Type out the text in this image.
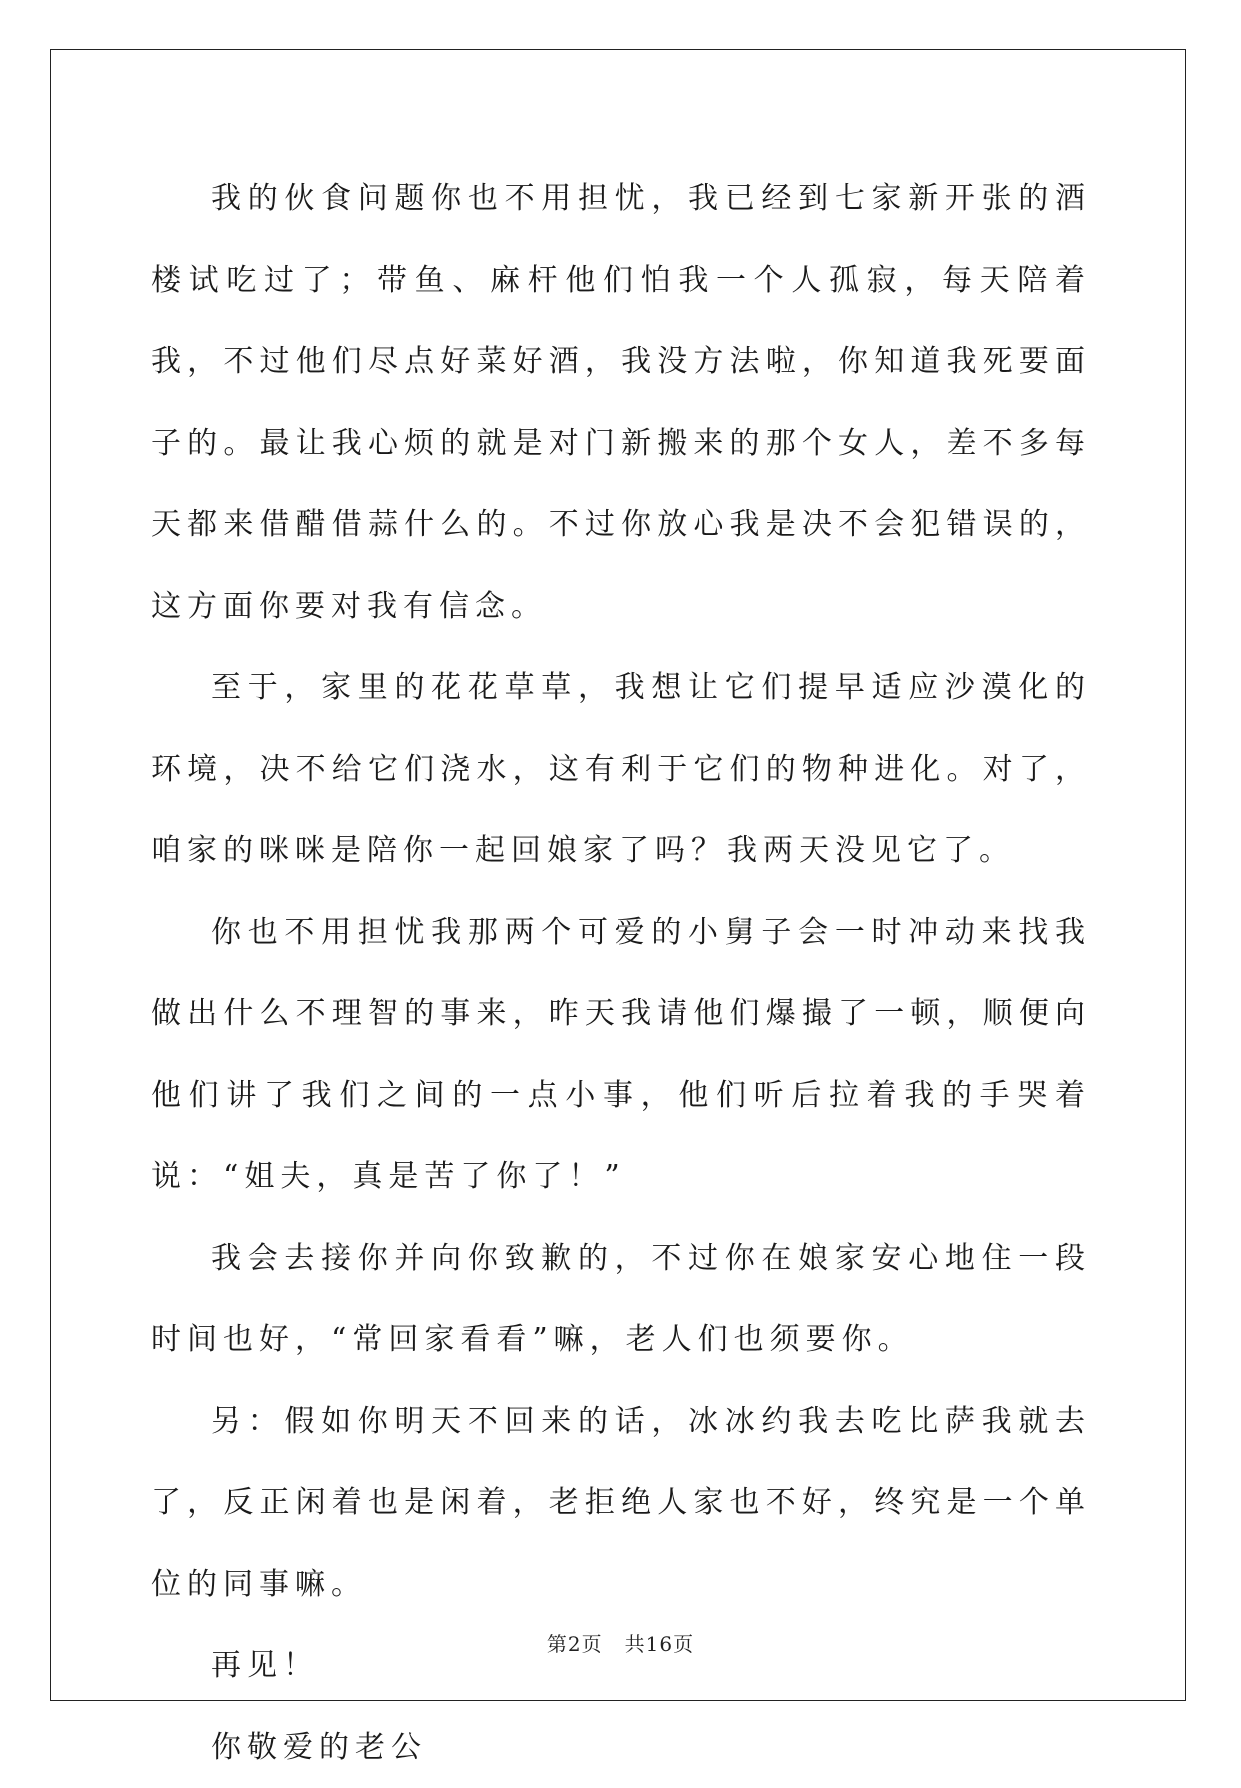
我的伙食问题你也不用担忧，我已经到七家新开张的酒楼试吃过了；带鱼、麻杆他们怕我一个人孤寂，每天陪着我，不过他们尽点好菜好酒，我没方法啦，你知道我死要面子的。最让我心烦的就是对门新搬来的那个女人，差不多每天都来借醋借蒜什么的。不过你放心我是决不会犯错误的，这方面你要对我有信念。

至于，家里的花花草草，我想让它们提早适应沙漠化的环境，决不给它们浇水，这有利于它们的物种进化。对了，咱家的咪咪是陪你一起回娘家了吗？我两天没见它了。

你也不用担忧我那两个可爱的小舅子会一时冲动来找我做出什么不理智的事来，昨天我请他们爆撮了一顿，顺便向他们讲了我们之间的一点小事，他们听后拉着我的手哭着说：“姐夫，真是苦了你了！”

我会去接你并向你致歉的，不过你在娘家安心地住一段时间也好，“常回家看看”嘛，老人们也须要你。

另：假如你明天不回来的话，冰冰约我去吃比萨我就去了，反正闲着也是闲着，老拒绝人家也不好，终究是一个单位的同事嘛。

再见！

你敬爱的老公

第2页 共16页
